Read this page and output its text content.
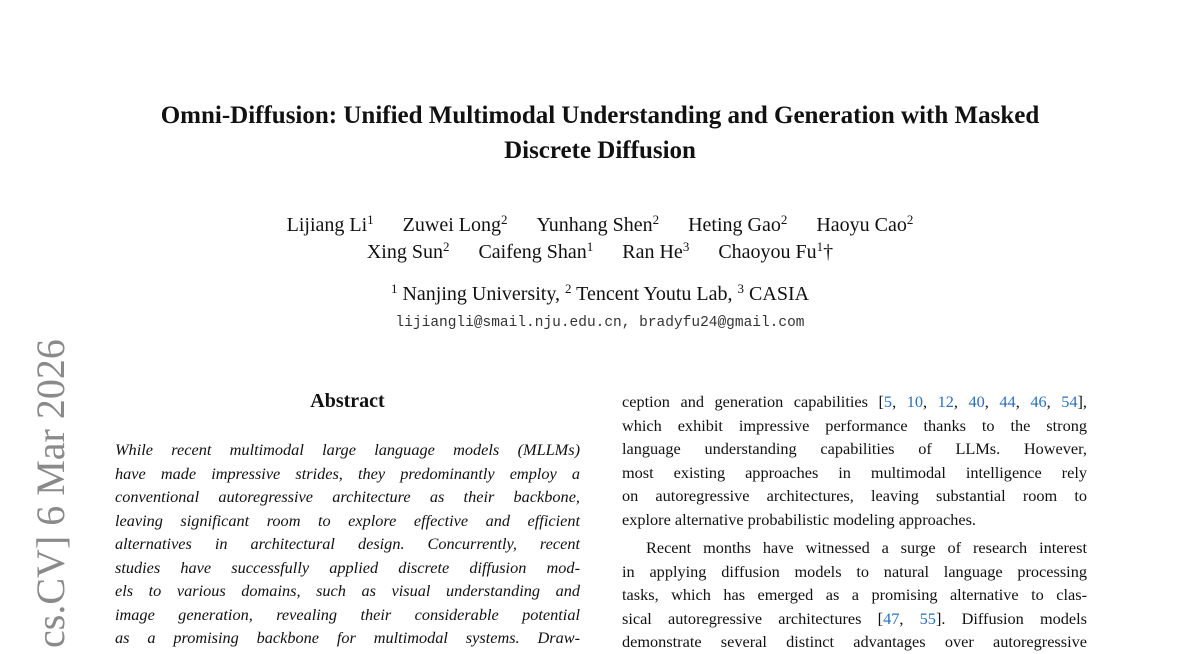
cs.CV] 6 Mar 2026
Omni-Diffusion: Unified Multimodal Understanding and Generation with Masked
Discrete Diffusion
Lijiang Li$^1$ Zuwei Long$^2$ Yunhang Shen$^2$ Heting Gao$^2$ Haoyu Cao$^2$
Xing Sun$^2$ Caifeng Shan$^1$ Ran He$^3$ Chaoyou Fu$^1$†
$^1$ Nanjing University, $^2$ Tencent Youtu Lab, $^3$ CASIA
lijiangli@smail.nju.edu.cn, bradyfu24@gmail.com
Abstract
While recent multimodal large language models (MLLMs)
have made impressive strides, they predominantly employ a
conventional autoregressive architecture as their backbone,
leaving significant room to explore effective and efficient
alternatives in architectural design. Concurrently, recent
studies have successfully applied discrete diffusion mod-
els to various domains, such as visual understanding and
image generation, revealing their considerable potential
as a promising backbone for multimodal systems. Draw-
ception and generation capabilities [5, 10, 12, 40, 44, 46, 54],
which exhibit impressive performance thanks to the strong
language understanding capabilities of LLMs. However,
most existing approaches in multimodal intelligence rely
on autoregressive architectures, leaving substantial room to
explore alternative probabilistic modeling approaches.
Recent months have witnessed a surge of research interest
in applying diffusion models to natural language processing
tasks, which has emerged as a promising alternative to clas-
sical autoregressive architectures [47, 55]. Diffusion models
demonstrate several distinct advantages over autoregressive
